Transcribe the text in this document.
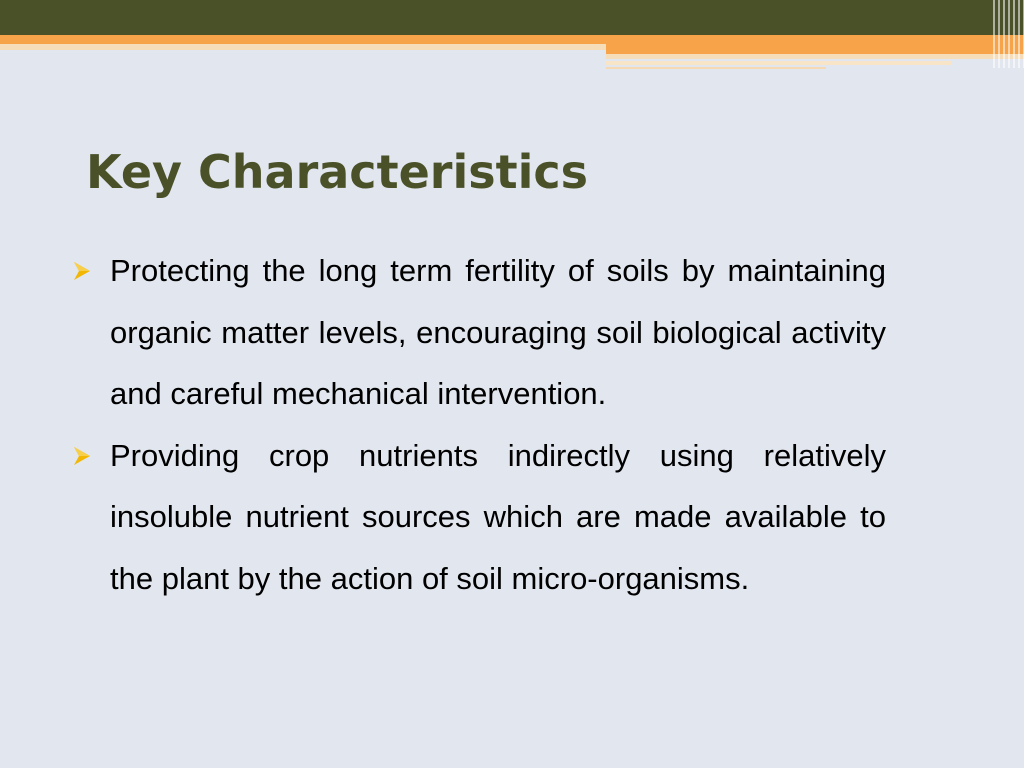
Key Characteristics
Protecting the long term fertility of soils by maintaining organic matter levels, encouraging soil biological activity and careful mechanical intervention.
Providing crop nutrients indirectly using relatively insoluble nutrient sources which are made available to the plant by the action of soil micro-organisms.
